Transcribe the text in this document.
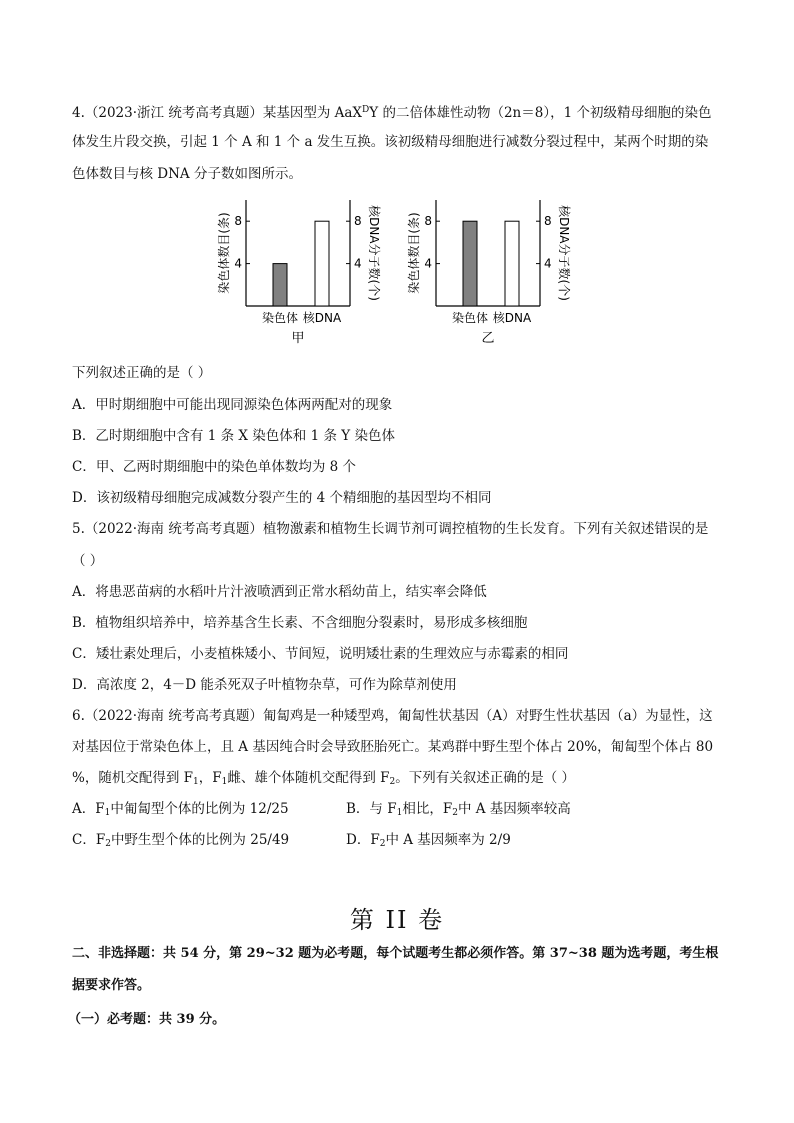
4.（2023·浙江 统考高考真题）某基因型为 AaX$^D$Y 的二倍体雄性动物（2n＝8），1 个初级精母细胞的染色
体发生片段交换，引起 1 个 A 和 1 个 a 发生互换。该初级精母细胞进行减数分裂过程中，某两个时期的染
色体数目与核 DNA 分子数如图所示。
4	4
8	8
染色体数目(条)	核DNA分子数(个)
染色体 核DNA
甲
4	4
8	8
染色体数目(条)	核DNA分子数(个)
染色体 核DNA
乙
下列叙述正确的是（ ）
A．甲时期细胞中可能出现同源染色体两两配对的现象
B．乙时期细胞中含有 1 条 X 染色体和 1 条 Y 染色体
C．甲、乙两时期细胞中的染色单体数均为 8 个
D．该初级精母细胞完成减数分裂产生的 4 个精细胞的基因型均不相同
5.（2022·海南 统考高考真题）植物激素和植物生长调节剂可调控植物的生长发育。下列有关叙述错误的是
（ ）
A．将患恶苗病的水稻叶片汁液喷洒到正常水稻幼苗上，结实率会降低
B．植物组织培养中，培养基含生长素、不含细胞分裂素时，易形成多核细胞
C．矮壮素处理后，小麦植株矮小、节间短，说明矮壮素的生理效应与赤霉素的相同
D．高浓度 2，4－D 能杀死双子叶植物杂草，可作为除草剂使用
6.（2022·海南 统考高考真题）匍匐鸡是一种矮型鸡，匍匐性状基因（A）对野生性状基因（a）为显性，这
对基因位于常染色体上，且 A 基因纯合时会导致胚胎死亡。某鸡群中野生型个体占 20%，匍匐型个体占 80
%，随机交配得到 $F_1$，$F_1$雌、雄个体随机交配得到 $F_2$。下列有关叙述正确的是（ ）
A．$F_1$中匍匐型个体的比例为 12/25	B．与 $F_1$相比，$F_2$中 A 基因频率较高
C．$F_2$中野生型个体的比例为 25/49	D．$F_2$中 A 基因频率为 2/9
第 II 卷
二、非选择题：共 54 分，第 29~32 题为必考题，每个试题考生都必须作答。第 37~38 题为选考题，考生根
据要求作答。
（一）必考题：共 39 分。
